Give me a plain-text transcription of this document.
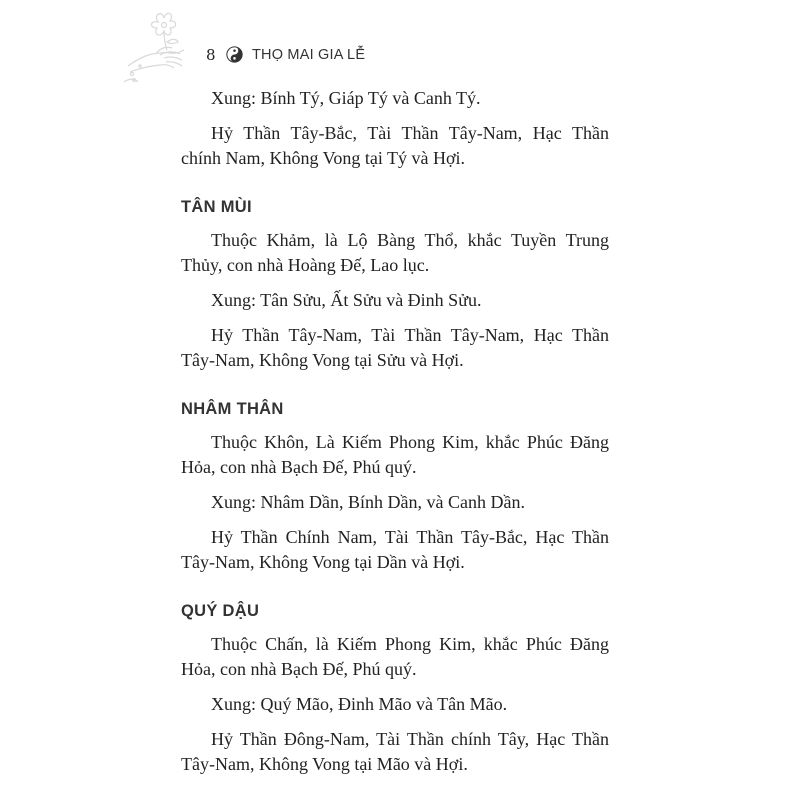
8	THỌ MAI GIA LỄ

Xung: Bính Tý, Giáp Tý và Canh Tý.

Hỷ Thần Tây-Bắc, Tài Thần Tây-Nam, Hạc Thần chính Nam, Không Vong tại Tý và Hợi.

TÂN MÙI

Thuộc Khảm, là Lộ Bàng Thổ, khắc Tuyền Trung Thủy, con nhà Hoàng Đế, Lao lục.

Xung: Tân Sửu, Ất Sửu và Đinh Sửu.

Hỷ Thần Tây-Nam, Tài Thần Tây-Nam, Hạc Thần Tây-Nam, Không Vong tại Sửu và Hợi.

NHÂM THÂN

Thuộc Khôn, Là Kiếm Phong Kim, khắc Phúc Đăng Hỏa, con nhà Bạch Đế, Phú quý.

Xung: Nhâm Dần, Bính Dần, và Canh Dần.

Hỷ Thần Chính Nam, Tài Thần Tây-Bắc, Hạc Thần Tây-Nam, Không Vong tại Dần và Hợi.

QUÝ DẬU

Thuộc Chấn, là Kiếm Phong Kim, khắc Phúc Đăng Hỏa, con nhà Bạch Đế, Phú quý.

Xung: Quý Mão, Đinh Mão và Tân Mão.

Hỷ Thần Đông-Nam, Tài Thần chính Tây, Hạc Thần Tây-Nam, Không Vong tại Mão và Hợi.
